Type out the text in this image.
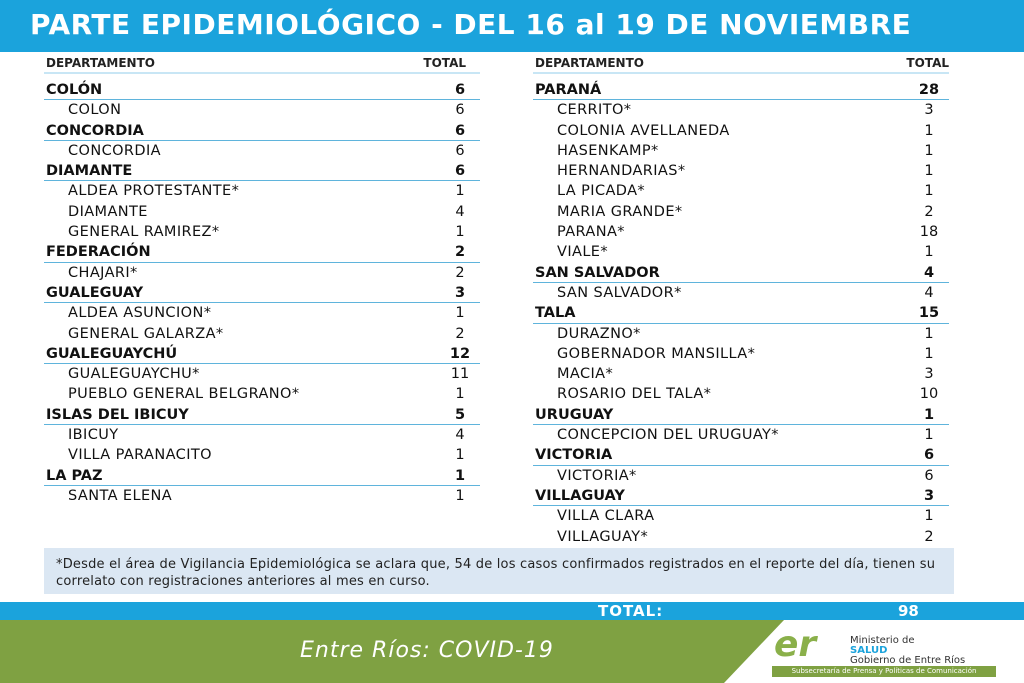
PARTE EPIDEMIOLÓGICO - DEL 16 al 19 DE NOVIEMBRE
DEPARTAMENTO	TOTAL
COLÓN	6
COLON	6
CONCORDIA	6
CONCORDIA	6
DIAMANTE	6
ALDEA PROTESTANTE*	1
DIAMANTE	4
GENERAL RAMIREZ*	1
FEDERACIÓN	2
CHAJARI*	2
GUALEGUAY	3
ALDEA ASUNCION*	1
GENERAL GALARZA*	2
GUALEGUAYCHÚ	12
GUALEGUAYCHU*	11
PUEBLO GENERAL BELGRANO*	1
ISLAS DEL IBICUY	5
IBICUY	4
VILLA PARANACITO	1
LA PAZ	1
SANTA ELENA	1
DEPARTAMENTO	TOTAL
PARANÁ	28
CERRITO*	3
COLONIA AVELLANEDA	1
HASENKAMP*	1
HERNANDARIAS*	1
LA PICADA*	1
MARIA GRANDE*	2
PARANA*	18
VIALE*	1
SAN SALVADOR	4
SAN SALVADOR*	4
TALA	15
DURAZNO*	1
GOBERNADOR MANSILLA*	1
MACIA*	3
ROSARIO DEL TALA*	10
URUGUAY	1
CONCEPCION DEL URUGUAY*	1
VICTORIA	6
VICTORIA*	6
VILLAGUAY	3
VILLA CLARA	1
VILLAGUAY*	2
*Desde el área de Vigilancia Epidemiológica se aclara que, 54 de los casos confirmados registrados en el reporte del día, tienen su correlato con registraciones anteriores al mes en curso.
TOTAL:	98
Entre Ríos: COVID-19	er	Ministerio de
SALUD
Gobierno de Entre Ríos
Subsecretaría de Prensa y Políticas de Comunicación
